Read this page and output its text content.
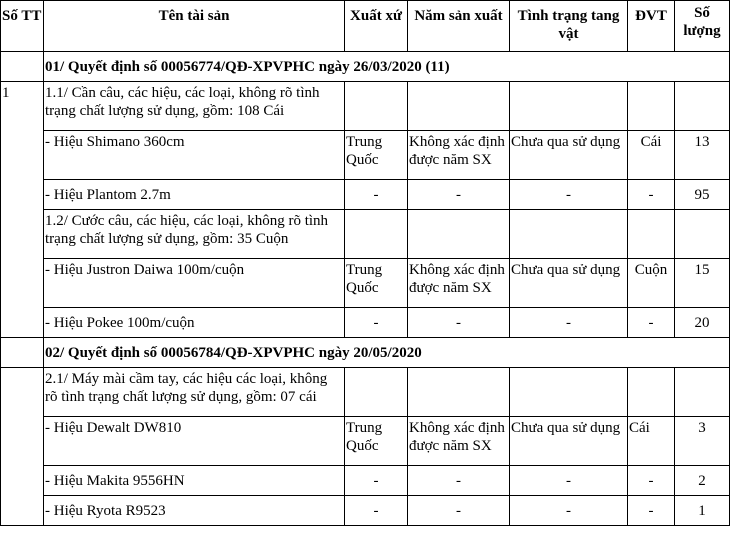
Số TT	Tên tài sản	Xuất xứ	Năm sản xuất	Tình trạng tang vật	ĐVT	Số lượng
	01/ Quyết định số 00056774/QĐ-XPVPHC ngày 26/03/2020 (11)					
1	1.1/ Cần câu, các hiệu, các loại, không rõ tình trạng chất lượng sử dụng, gồm: 108 Cái					
	- Hiệu Shimano 360cm	Trung Quốc	Không xác định được năm SX	Chưa qua sử dụng	Cái	13
	- Hiệu Plantom 2.7m	-	-	-	-	95
	1.2/ Cước câu, các hiệu, các loại, không rõ tình trạng chất lượng sử dụng, gồm: 35 Cuộn					
	- Hiệu Justron Daiwa 100m/cuộn	Trung Quốc	Không xác định được năm SX	Chưa qua sử dụng	Cuộn	15
	- Hiệu Pokee 100m/cuộn	-	-	-	-	20
	02/ Quyết định số 00056784/QĐ-XPVPHC ngày 20/05/2020					
	2.1/ Máy mài cầm tay, các hiệu các loại, không rõ tình trạng chất lượng sử dụng, gồm: 07 cái					
	- Hiệu Dewalt DW810	Trung Quốc	Không xác định được năm SX	Chưa qua sử dụng	Cái	3
	- Hiệu Makita 9556HN	-	-	-	-	2
	- Hiệu Ryota R9523	-	-	-	-	1
